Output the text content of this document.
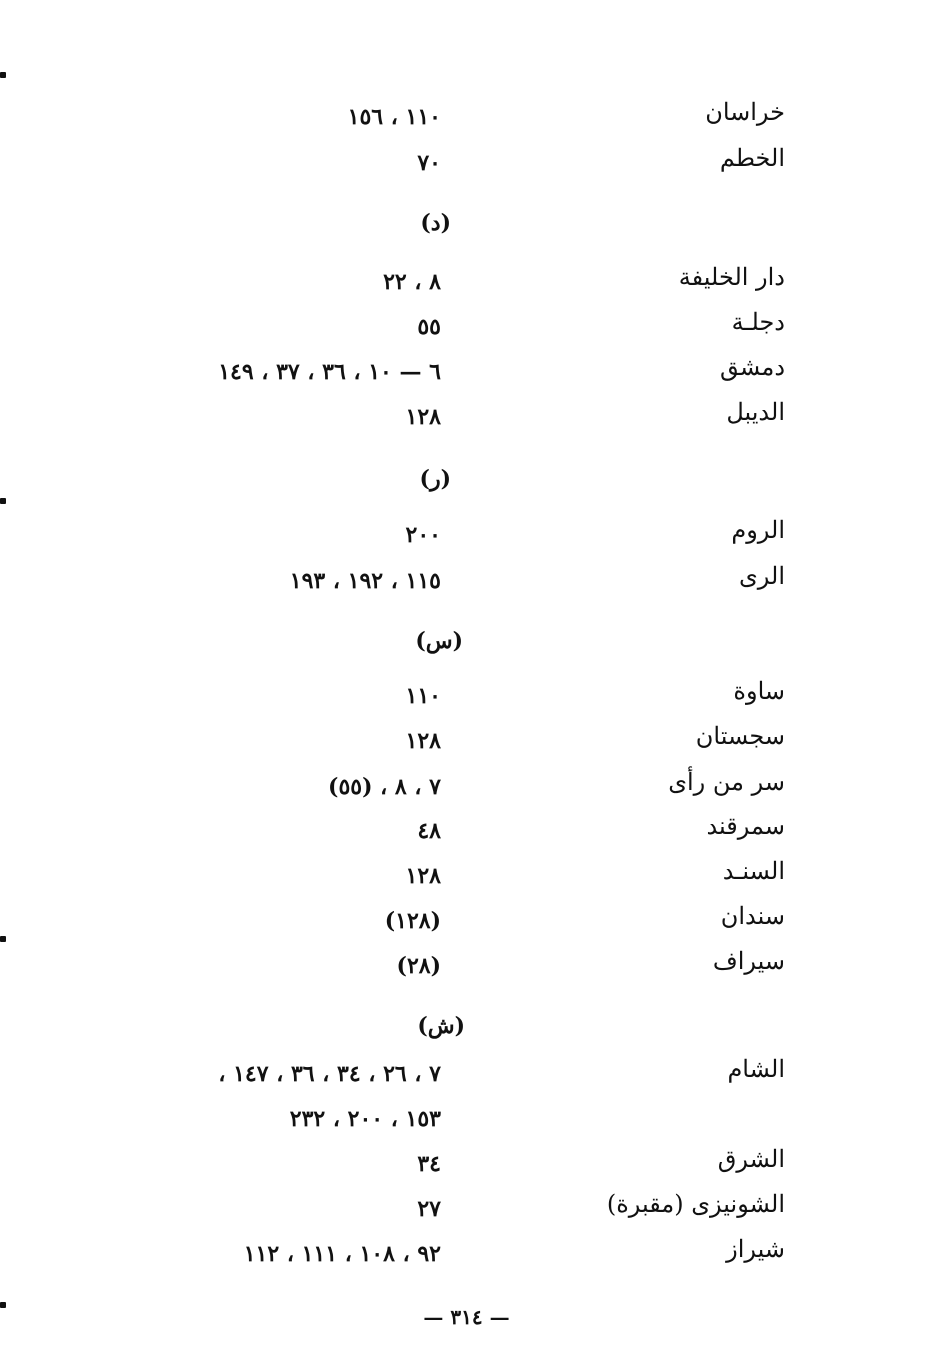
خراسان
١١٠ ، ١٥٦
الخطم
٧٠
(د)
دار الخليفة
٨ ، ٢٢
دجلـة
٥٥
دمشق
٦ — ١٠ ، ٣٦ ، ٣٧ ، ١٤٩
الديبل
١٢٨
(ر)
الروم
٢٠٠
الرى
١١٥ ، ١٩٢ ، ١٩٣
(س)
ساوة
١١٠
سجستان
١٢٨
سر من رأى
٧ ، ٨ ، (٥٥)
سمرقند
٤٨
السنـد
١٢٨
سندان
(١٢٨)
سيراف
(٢٨)
(ش)
الشام
٧ ، ٢٦ ، ٣٤ ، ٣٦ ، ١٤٧ ،
١٥٣ ، ٢٠٠ ، ٢٣٢
الشرق
٣٤
الشونيزى (مقبرة)
٢٧
شيراز
٩٢ ، ١٠٨ ، ١١١ ، ١١٢
— ٣١٤ —
